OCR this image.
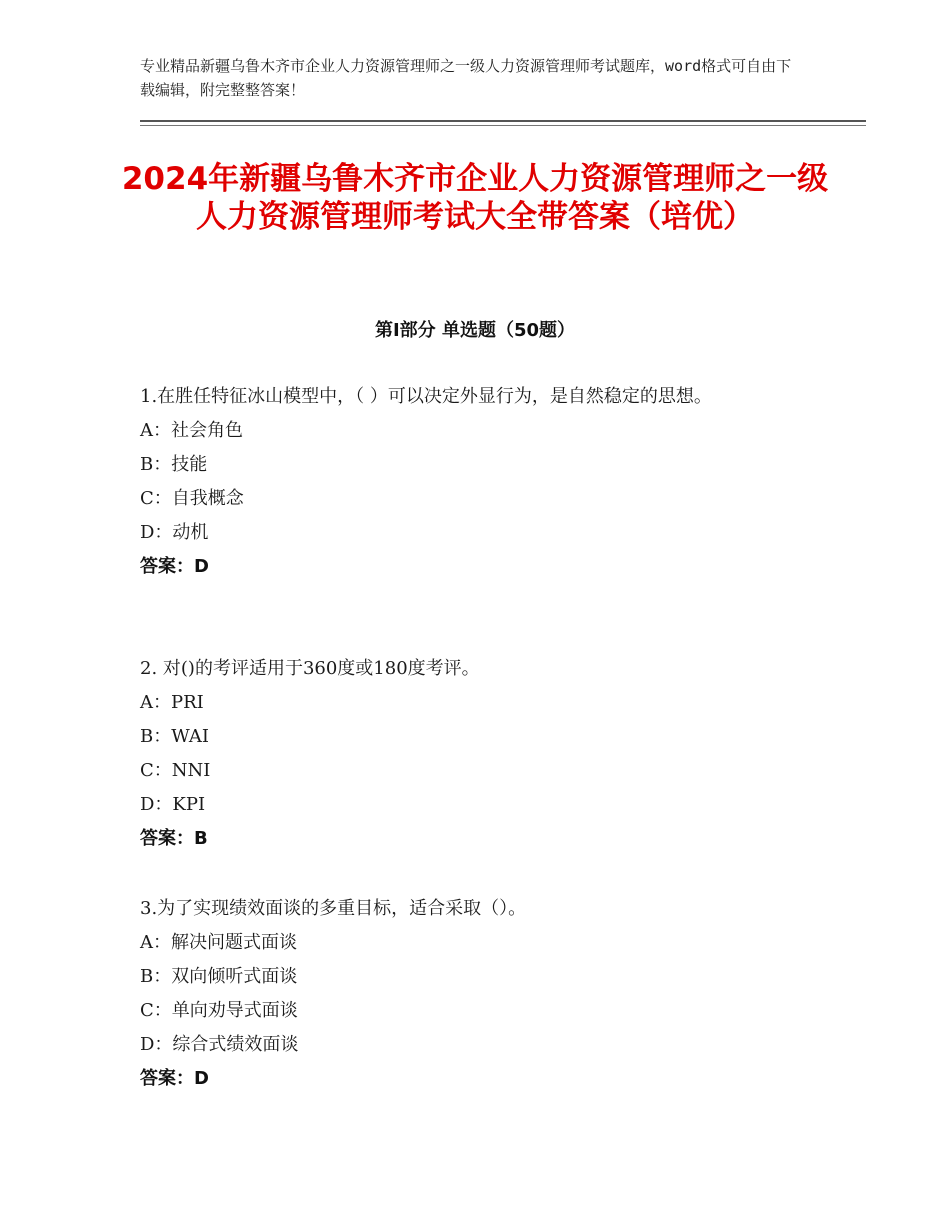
专业精品新疆乌鲁木齐市企业人力资源管理师之一级人力资源管理师考试题库，word格式可自由下载编辑，附完整整答案！
2024年新疆乌鲁木齐市企业人力资源管理师之一级人力资源管理师考试大全带答案（培优）
第Ⅰ部分 单选题（50题）
1.在胜任特征冰山模型中，（ ）可以决定外显行为，是自然稳定的思想。
A：社会角色
B：技能
C：自我概念
D：动机
答案：D
2. 对()的考评适用于360度或180度考评。
A：PRI
B：WAI
C：NNI
D：KPI
答案：B
3.为了实现绩效面谈的多重目标，适合采取（）。
A：解决问题式面谈
B：双向倾听式面谈
C：单向劝导式面谈
D：综合式绩效面谈
答案：D
